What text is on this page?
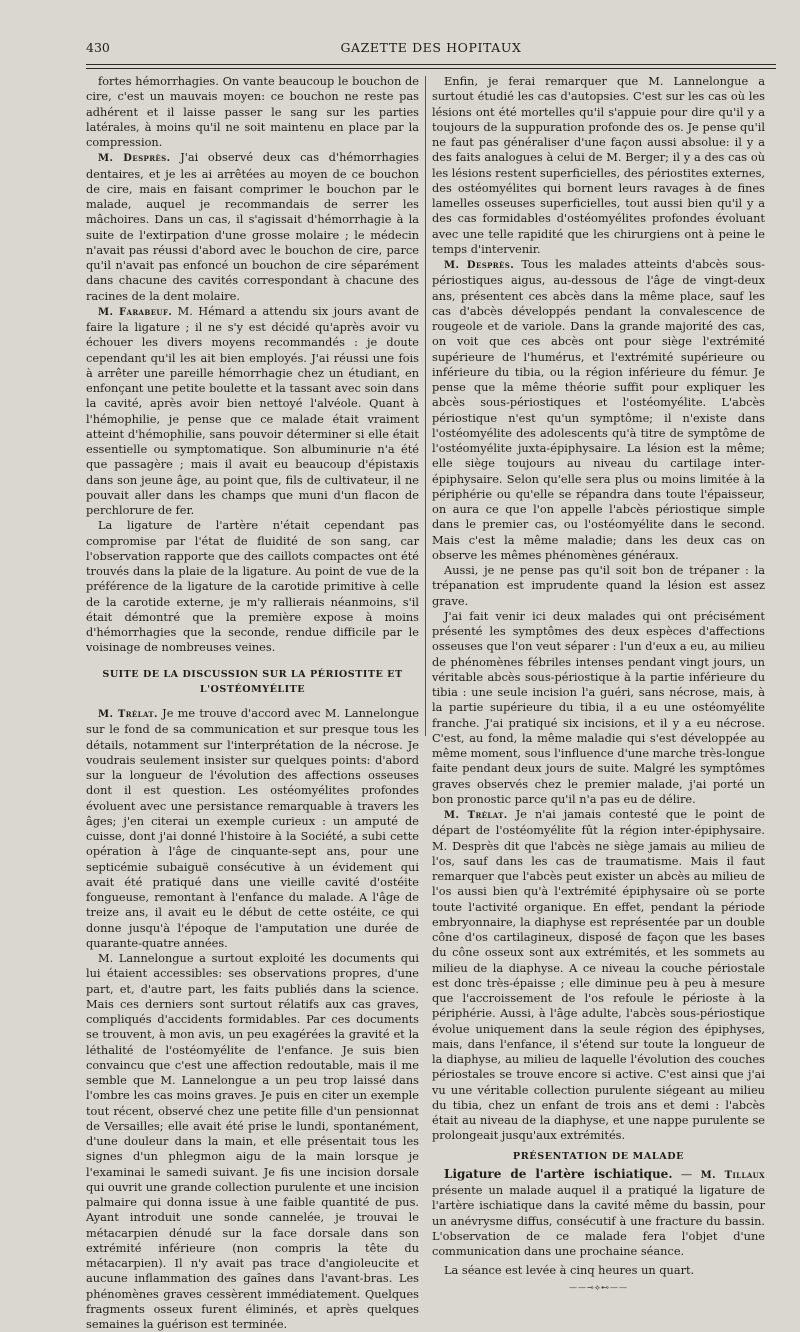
430	GAZETTE DES HOPITAUX

fortes hémorrhagies. On vante beaucoup le bouchon de cire, c'est un mauvais moyen: ce bouchon ne reste pas adhérent et il laisse passer le sang sur les parties latérales, à moins qu'il ne soit maintenu en place par la compression.

M. Desprès. J'ai observé deux cas d'hémorrhagies dentaires, et je les ai arrêtées au moyen de ce bouchon de cire, mais en faisant comprimer le bouchon par le malade, auquel je recommandais de serrer les mâchoires. Dans un cas, il s'agissait d'hémorrhagie à la suite de l'extirpation d'une grosse molaire ; le médecin n'avait pas réussi d'abord avec le bouchon de cire, parce qu'il n'avait pas enfoncé un bouchon de cire séparément dans chacune des cavités correspondant à chacune des racines de la dent molaire.

M. Farabeuf. M. Hémard a attendu six jours avant de faire la ligature ; il ne s'y est décidé qu'après avoir vu échouer les divers moyens recommandés : je doute cependant qu'il les ait bien employés. J'ai réussi une fois à arrêter une pareille hémorrhagie chez un étudiant, en enfonçant une petite boulette et la tassant avec soin dans la cavité, après avoir bien nettoyé l'alvéole. Quant à l'hémophilie, je pense que ce malade était vraiment atteint d'hémophilie, sans pouvoir déterminer si elle était essentielle ou symptomatique. Son albuminurie n'a été que passagère ; mais il avait eu beaucoup d'épistaxis dans son jeune âge, au point que, fils de cultivateur, il ne pouvait aller dans les champs que muni d'un flacon de perchlorure de fer.

La ligature de l'artère n'était cependant pas compromise par l'état de fluidité de son sang, car l'observation rapporte que des caillots compactes ont été trouvés dans la plaie de la ligature. Au point de vue de la préférence de la ligature de la carotide primitive à celle de la carotide externe, je m'y rallierais néanmoins, s'il était démontré que la première expose à moins d'hémorrhagies que la seconde, rendue difficile par le voisinage de nombreuses veines.

SUITE DE LA DISCUSSION SUR LA PÉRIOSTITE ET L'OSTÉOMYÉLITE

M. Trélat. Je me trouve d'accord avec M. Lannelongue sur le fond de sa communication et sur presque tous les détails, notamment sur l'interprétation de la nécrose. Je voudrais seulement insister sur quelques points: d'abord sur la longueur de l'évolution des affections osseuses dont il est question. Les ostéomyélites profondes évoluent avec une persistance remarquable à travers les âges; j'en citerai un exemple curieux : un amputé de cuisse, dont j'ai donné l'histoire à la Société, a subi cette opération à l'âge de cinquante-sept ans, pour une septicémie subaiguë consécutive à un évidement qui avait été pratiqué dans une vieille cavité d'ostéite fongueuse, remontant à l'enfance du malade. A l'âge de treize ans, il avait eu le début de cette ostéite, ce qui donne jusqu'à l'époque de l'amputation une durée de quarante-quatre années.

M. Lannelongue a surtout exploité les documents qui lui étaient accessibles: ses observations propres, d'une part, et, d'autre part, les faits publiés dans la science. Mais ces derniers sont surtout rélatifs aux cas graves, compliqués d'accidents formidables. Par ces documents se trouvent, à mon avis, un peu exagérées la gravité et la léthalité de l'ostéomyélite de l'enfance. Je suis bien convaincu que c'est une affection redoutable, mais il me semble que M. Lannelongue a un peu trop laissé dans l'ombre les cas moins graves. Je puis en citer un exemple tout récent, observé chez une petite fille d'un pensionnat de Versailles; elle avait été prise le lundi, spontanément, d'une douleur dans la main, et elle présentait tous les signes d'un phlegmon aigu de la main lorsque je l'examinai le samedi suivant. Je fis une incision dorsale qui ouvrit une grande collection purulente et une incision palmaire qui donna issue à une faible quantité de pus. Ayant introduit une sonde cannelée, je trouvai le métacarpien dénudé sur la face dorsale dans son extrémité inférieure (non compris la tête du métacarpien). Il n'y avait pas trace d'angioleucite et aucune inflammation des gaînes dans l'avant-bras. Les phénomènes graves cessèrent immédiatement. Quelques fragments osseux furent éliminés, et après quelques semaines la guérison est terminée.

Enfin, je ferai remarquer que M. Lannelongue a surtout étudié les cas d'autopsies. C'est sur les cas où les lésions ont été mortelles qu'il s'appuie pour dire qu'il y a toujours de la suppuration profonde des os. Je pense qu'il ne faut pas généraliser d'une façon aussi absolue: il y a des faits analogues à celui de M. Berger; il y a des cas où les lésions restent superficielles, des périostites externes, des ostéomyélites qui bornent leurs ravages à de fines lamelles osseuses superficielles, tout aussi bien qu'il y a des cas formidables d'ostéomyélites profondes évoluant avec une telle rapidité que les chirurgiens ont à peine le temps d'intervenir.

M. Desprès. Tous les malades atteints d'abcès sous-périostiques aigus, au-dessous de l'âge de vingt-deux ans, présentent ces abcès dans la même place, sauf les cas d'abcès développés pendant la convalescence de rougeole et de variole. Dans la grande majorité des cas, on voit que ces abcès ont pour siège l'extrémité supérieure de l'humérus, et l'extrémité supérieure ou inférieure du tibia, ou la région inférieure du fémur. Je pense que la même théorie suffit pour expliquer les abcès sous-périostiques et l'ostéomyélite. L'abcès périostique n'est qu'un symptôme; il n'existe dans l'ostéomyélite des adolescents qu'à titre de symptôme de l'ostéomyélite juxta-épiphysaire. La lésion est la même; elle siège toujours au niveau du cartilage inter-épiphysaire. Selon qu'elle sera plus ou moins limitée à la périphérie ou qu'elle se répandra dans toute l'épaisseur, on aura ce que l'on appelle l'abcès périostique simple dans le premier cas, ou l'ostéomyélite dans le second. Mais c'est la même maladie; dans les deux cas on observe les mêmes phénomènes généraux.

Aussi, je ne pense pas qu'il soit bon de trépaner : la trépanation est imprudente quand la lésion est assez grave.

J'ai fait venir ici deux malades qui ont précisément présenté les symptômes des deux espèces d'affections osseuses que l'on veut séparer : l'un d'eux a eu, au milieu de phénomènes fébriles intenses pendant vingt jours, un véritable abcès sous-périostique à la partie inférieure du tibia : une seule incision l'a guéri, sans nécrose, mais, à la partie supérieure du tibia, il a eu une ostéomyélite franche. J'ai pratiqué six incisions, et il y a eu nécrose. C'est, au fond, la même maladie qui s'est développée au même moment, sous l'influence d'une marche très-longue faite pendant deux jours de suite. Malgré les symptômes graves observés chez le premier malade, j'ai porté un bon pronostic parce qu'il n'a pas eu de délire.

M. Trélat. Je n'ai jamais contesté que le point de départ de l'ostéomyélite fût la région inter-épiphysaire. M. Desprès dit que l'abcès ne siège jamais au milieu de l'os, sauf dans les cas de traumatisme. Mais il faut remarquer que l'abcès peut exister un abcès au milieu de l'os aussi bien qu'à l'extrémité épiphysaire où se porte toute l'activité organique. En effet, pendant la période embryonnaire, la diaphyse est représentée par un double cône d'os cartilagineux, disposé de façon que les bases du cône osseux sont aux extrémités, et les sommets au milieu de la diaphyse. A ce niveau la couche périostale est donc très-épaisse ; elle diminue peu à peu à mesure que l'accroissement de l'os refoule le périoste à la périphérie. Aussi, à l'âge adulte, l'abcès sous-périostique évolue uniquement dans la seule région des épiphyses, mais, dans l'enfance, il s'étend sur toute la longueur de la diaphyse, au milieu de laquelle l'évolution des couches périostales se trouve encore si active. C'est ainsi que j'ai vu une véritable collection purulente siégeant au milieu du tibia, chez un enfant de trois ans et demi : l'abcès était au niveau de la diaphyse, et une nappe purulente se prolongeait jusqu'aux extrémités.

PRÉSENTATION DE MALADE

Ligature de l'artère ischiatique. — M. Tillaux présente un malade auquel il a pratiqué la ligature de l'artère ischiatique dans la cavité même du bassin, pour un anévrysme diffus, consécutif à une fracture du bassin. L'observation de ce malade fera l'objet d'une communication dans une prochaine séance.

La séance est levée à cinq heures un quart.

——⊸⟡⊷——
